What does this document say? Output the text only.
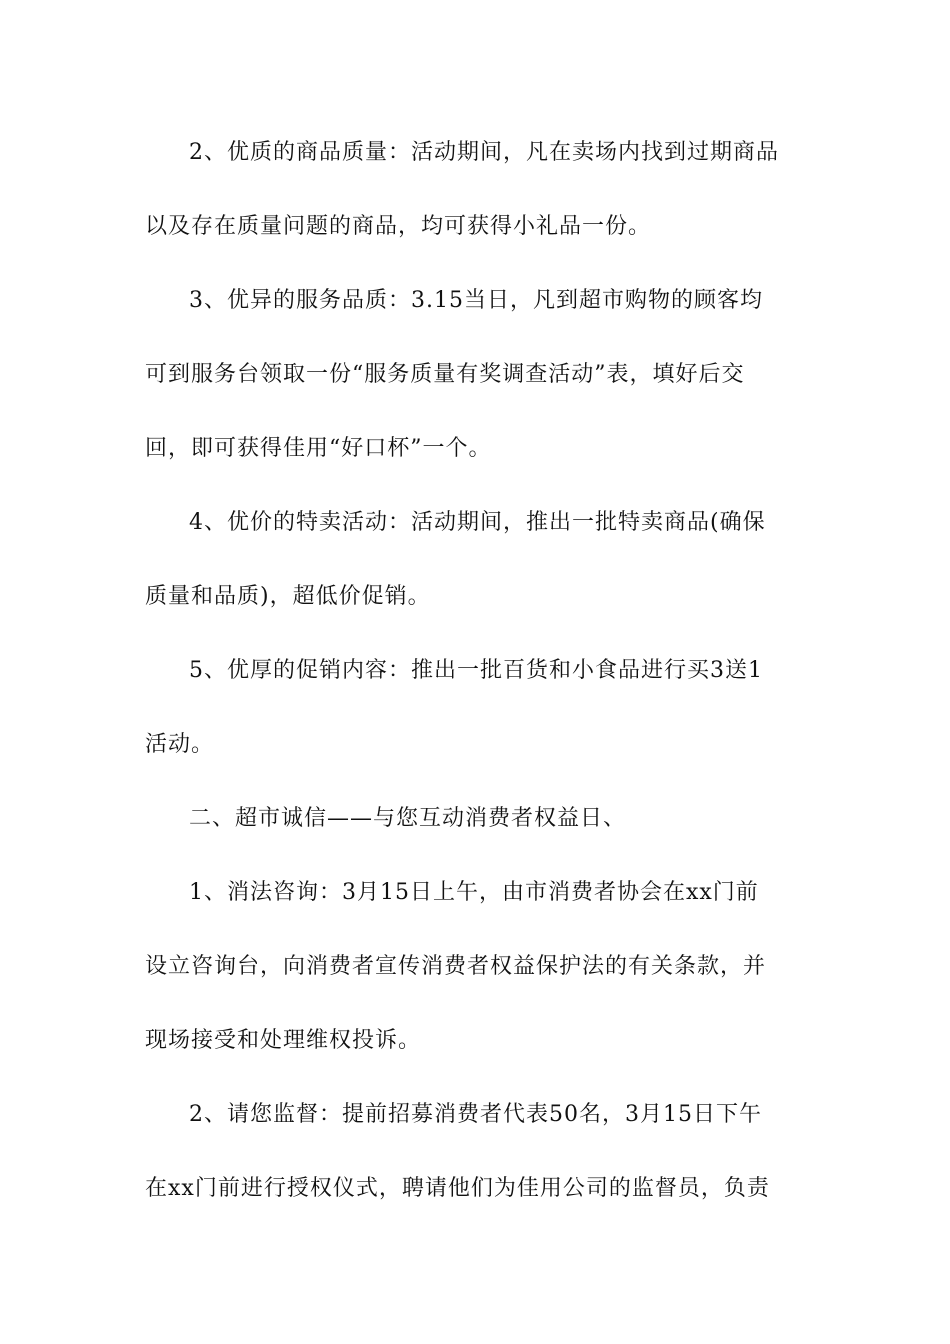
2、优质的商品质量：活动期间，凡在卖场内找到过期商品
以及存在质量问题的商品，均可获得小礼品一份。
3、优异的服务品质：3.15当日，凡到超市购物的顾客均
可到服务台领取一份“服务质量有奖调查活动”表，填好后交
回，即可获得佳用“好口杯”一个。
4、优价的特卖活动：活动期间，推出一批特卖商品(确保
质量和品质)，超低价促销。
5、优厚的促销内容：推出一批百货和小食品进行买3送1
活动。
二、超市诚信——与您互动消费者权益日、
1、消法咨询：3月15日上午，由市消费者协会在xx门前
设立咨询台，向消费者宣传消费者权益保护法的有关条款，并
现场接受和处理维权投诉。
2、请您监督：提前招募消费者代表50名，3月15日下午
在xx门前进行授权仪式，聘请他们为佳用公司的监督员，负责
